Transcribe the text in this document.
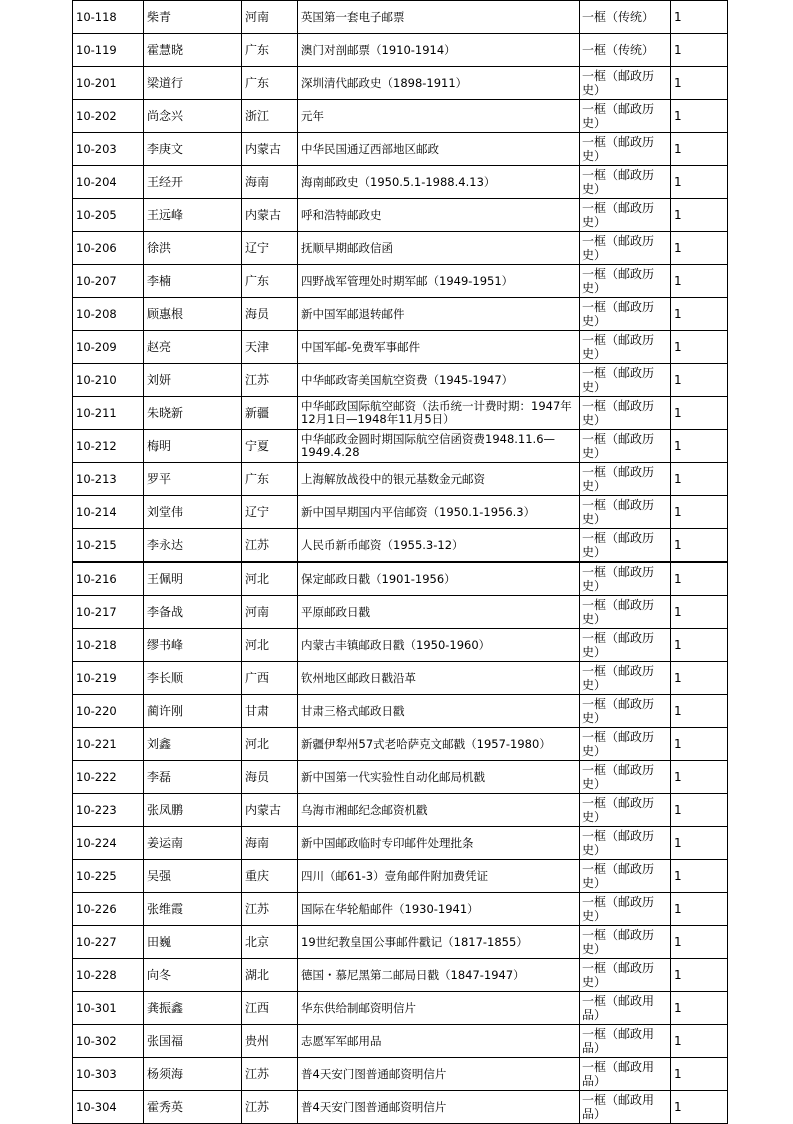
10-118	柴青	河南	英国第一套电子邮票	一框（传统）	1
10-119	霍慧晓	广东	澳门对剖邮票（1910-1914）	一框（传统）	1
10-201	梁道行	广东	深圳清代邮政史（1898-1911）	一框（邮政历史）	1
10-202	尚念兴	浙江	元年	一框（邮政历史）	1
10-203	李庚文	内蒙古	中华民国通辽西部地区邮政	一框（邮政历史）	1
10-204	王经开	海南	海南邮政史（1950.5.1-1988.4.13）	一框（邮政历史）	1
10-205	王远峰	内蒙古	呼和浩特邮政史	一框（邮政历史）	1
10-206	徐洪	辽宁	抚顺早期邮政信函	一框（邮政历史）	1
10-207	李楠	广东	四野战军管理处时期军邮（1949-1951）	一框（邮政历史）	1
10-208	顾惠根	海员	新中国军邮退转邮件	一框（邮政历史）	1
10-209	赵亮	天津	中国军邮-免费军事邮件	一框（邮政历史）	1
10-210	刘妍	江苏	中华邮政寄美国航空资费（1945-1947）	一框（邮政历史）	1
10-211	朱晓新	新疆	中华邮政国际航空邮资（法币统一计费时期：1947年12月1日—1948年11月5日）	一框（邮政历史）	1
10-212	梅明	宁夏	中华邮政金圆时期国际航空信函资费1948.11.6—1949.4.28	一框（邮政历史）	1
10-213	罗平	广东	上海解放战役中的银元基数金元邮资	一框（邮政历史）	1
10-214	刘堂伟	辽宁	新中国早期国内平信邮资（1950.1-1956.3）	一框（邮政历史）	1
10-215	李永达	江苏	人民币新币邮资（1955.3-12）	一框（邮政历史）	1
10-216	王佩明	河北	保定邮政日戳（1901-1956）	一框（邮政历史）	1
10-217	李备战	河南	平原邮政日戳	一框（邮政历史）	1
10-218	缪书峰	河北	内蒙古丰镇邮政日戳（1950-1960）	一框（邮政历史）	1
10-219	李长顺	广西	钦州地区邮政日戳沿革	一框（邮政历史）	1
10-220	蔺许刚	甘肃	甘肃三格式邮政日戳	一框（邮政历史）	1
10-221	刘鑫	河北	新疆伊犁州57式老哈萨克文邮戳（1957-1980）	一框（邮政历史）	1
10-222	李磊	海员	新中国第一代实验性自动化邮局机戳	一框（邮政历史）	1
10-223	张凤鹏	内蒙古	乌海市湘邮纪念邮资机戳	一框（邮政历史）	1
10-224	姜运南	海南	新中国邮政临时专印邮件处理批条	一框（邮政历史）	1
10-225	吴强	重庆	四川（邮61-3）壹角邮件附加费凭证	一框（邮政历史）	1
10-226	张维霞	江苏	国际在华轮船邮件（1930-1941）	一框（邮政历史）	1
10-227	田巍	北京	19世纪教皇国公事邮件戳记（1817-1855）	一框（邮政历史）	1
10-228	向冬	湖北	德国・慕尼黑第二邮局日戳（1847-1947）	一框（邮政历史）	1
10-301	龚振鑫	江西	华东供给制邮资明信片	一框（邮政用品）	1
10-302	张国福	贵州	志愿军军邮用品	一框（邮政用品）	1
10-303	杨须海	江苏	普4天安门图普通邮资明信片	一框（邮政用品）	1
10-304	霍秀英	江苏	普4天安门图普通邮资明信片	一框（邮政用品）	1
